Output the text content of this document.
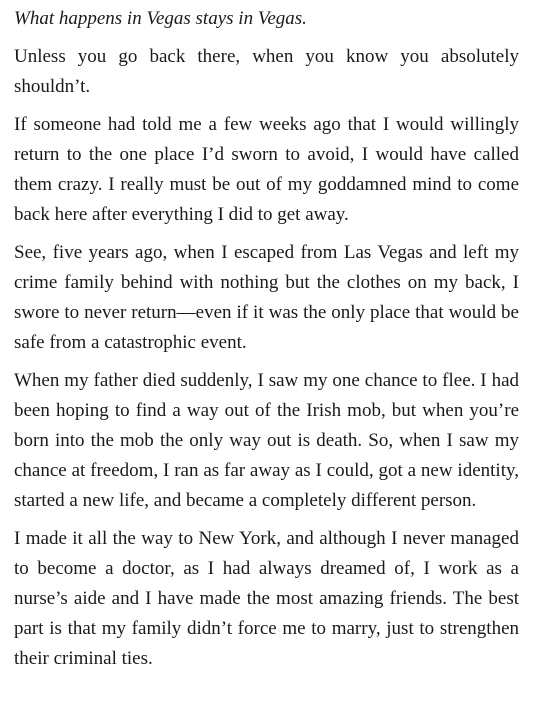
What happens in Vegas stays in Vegas.

Unless you go back there, when you know you absolutely shouldn’t.

If someone had told me a few weeks ago that I would willingly return to the one place I’d sworn to avoid, I would have called them crazy. I really must be out of my goddamned mind to come back here after everything I did to get away.

See, five years ago, when I escaped from Las Vegas and left my crime family behind with nothing but the clothes on my back, I swore to never return—even if it was the only place that would be safe from a catastrophic event.

When my father died suddenly, I saw my one chance to flee. I had been hoping to find a way out of the Irish mob, but when you’re born into the mob the only way out is death. So, when I saw my chance at freedom, I ran as far away as I could, got a new identity, started a new life, and became a completely different person.

I made it all the way to New York, and although I never managed to become a doctor, as I had always dreamed of, I work as a nurse’s aide and I have made the most amazing friends. The best part is that my family didn’t force me to marry, just to strengthen their criminal ties.
